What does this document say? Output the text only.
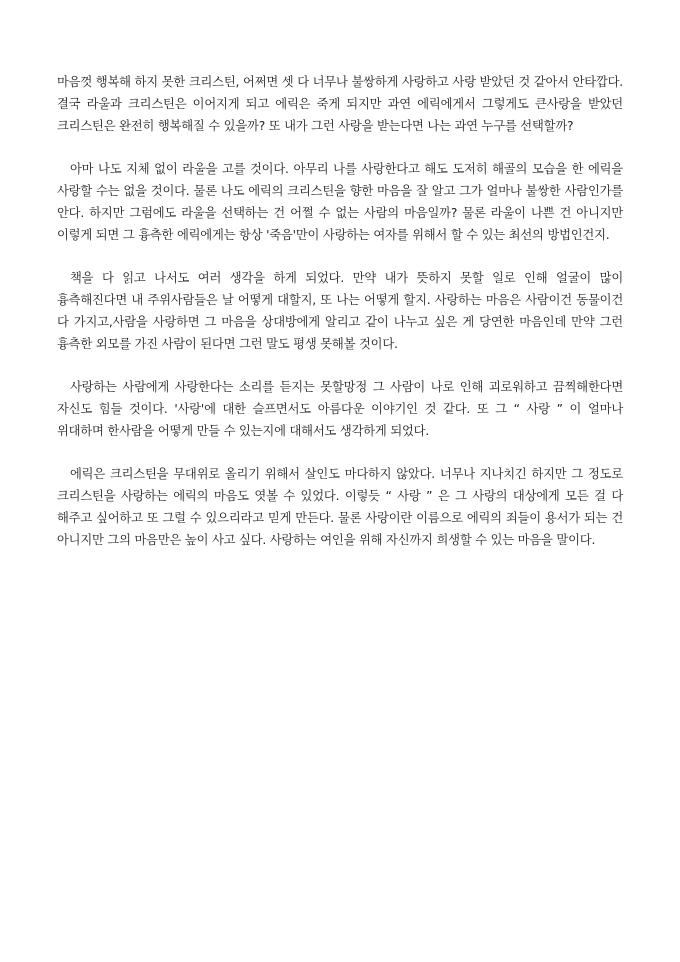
마음껏 행복해 하지 못한 크리스틴, 어쩌면 셋 다 너무나 불쌍하게 사랑하고 사랑 받았던 것 같아서 안타깝다. 결국 라울과 크리스틴은 이어지게 되고 에릭은 죽게 되지만 과연 에릭에게서 그렇게도 큰사랑을 받았던 크리스틴은 완전히 행복해질 수 있을까? 또 내가 그런 사랑을 받는다면 나는 과연 누구를 선택할까?

아마 나도 지체 없이 라울을 고를 것이다. 아무리 나를 사랑한다고 해도 도저히 해골의 모습을 한 에릭을 사랑할 수는 없을 것이다. 물론 나도 에릭의 크리스틴을 향한 마음을 잘 알고 그가 얼마나 불쌍한 사람인가를 안다. 하지만 그럼에도 라울을 선택하는 건 어쩔 수 없는 사람의 마음일까? 물론 라울이 나쁜 건 아니지만 이렇게 되면 그 흉측한 에릭에게는 항상 '죽음'만이 사랑하는 여자를 위해서 할 수 있는 최선의 방법인건지.

책을 다 읽고 나서도 여러 생각을 하게 되었다. 만약 내가 뜻하지 못할 일로 인해 얼굴이 많이 흉측해진다면 내 주위사람들은 날 어떻게 대할지, 또 나는 어떻게 할지. 사랑하는 마음은 사람이건 동물이건 다 가지고,사람을 사랑하면 그 마음을 상대방에게 알리고 같이 나누고 싶은 게 당연한 마음인데 만약 그런 흉측한 외모를 가진 사람이 된다면 그런 말도 평생 못해볼 것이다.

사랑하는 사람에게 사랑한다는 소리를 듣지는 못할망정 그 사람이 나로 인해 괴로워하고 끔찍해한다면 자신도 힘들 것이다. '사랑'에 대한 슬프면서도 아름다운 이야기인 것 같다. 또 그 “ 사랑 ” 이 얼마나 위대하며 한사람을 어떻게 만들 수 있는지에 대해서도 생각하게 되었다.

에릭은 크리스틴을 무대위로 올리기 위해서 살인도 마다하지 않았다. 너무나 지나치긴 하지만 그 정도로 크리스틴을 사랑하는 에릭의 마음도 엿볼 수 있었다. 이렇듯 “ 사랑 ” 은 그 사랑의 대상에게 모든 걸 다 해주고 싶어하고 또 그럴 수 있으리라고 믿게 만든다. 물론 사랑이란 이름으로 에릭의 죄들이 용서가 되는 건 아니지만 그의 마음만은 높이 사고 싶다. 사랑하는 여인을 위해 자신까지 희생할 수 있는 마음을 말이다.
